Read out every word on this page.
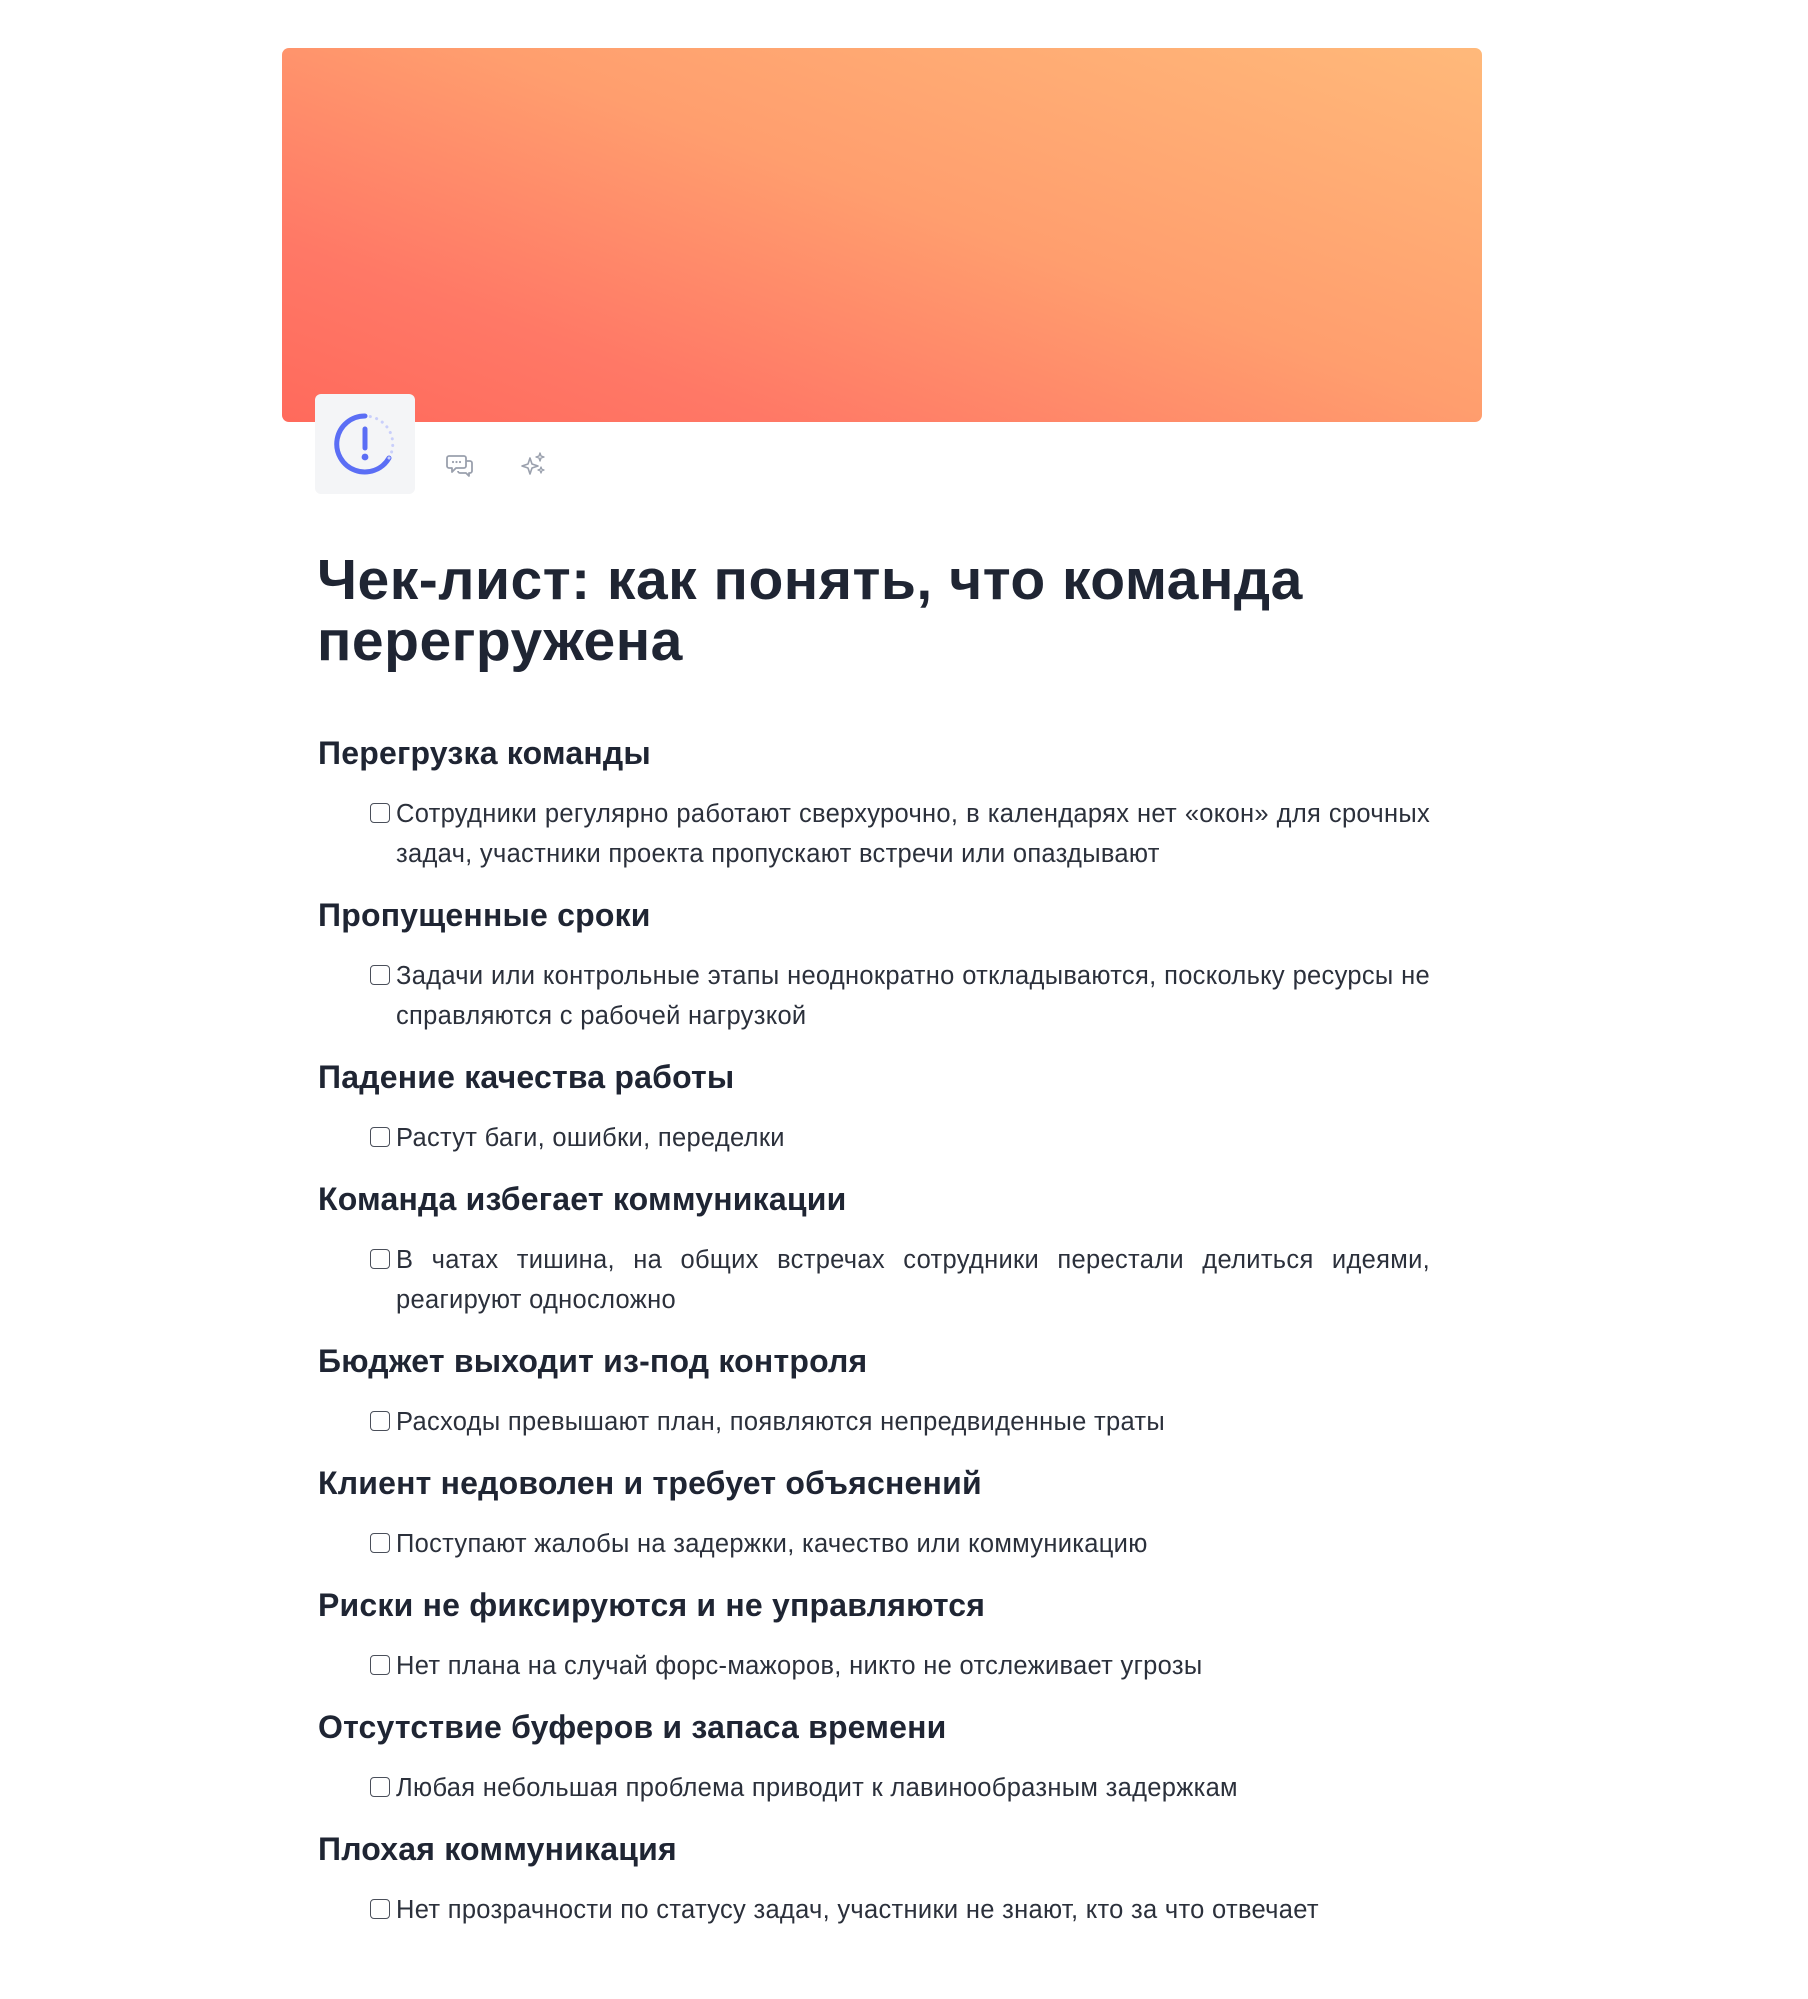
Чек-лист: как понять, что команда перегружена
Перегрузка команды
Сотрудники регулярно работают сверхурочно, в календарях нет «окон» для срочных задач, участники проекта пропускают встречи или опаздывают
Пропущенные сроки
Задачи или контрольные этапы неоднократно откладываются, поскольку ресурсы не справляются с рабочей нагрузкой
Падение качества работы
Растут баги, ошибки, переделки
Команда избегает коммуникации
В чатах тишина, на общих встречах сотрудники перестали делиться идеями, реагируют односложно
Бюджет выходит из-под контроля
Расходы превышают план, появляются непредвиденные траты
Клиент недоволен и требует объяснений
Поступают жалобы на задержки, качество или коммуникацию
Риски не фиксируются и не управляются
Нет плана на случай форс-мажоров, никто не отслеживает угрозы
Отсутствие буферов и запаса времени
Любая небольшая проблема приводит к лавинообразным задержкам
Плохая коммуникация
Нет прозрачности по статусу задач, участники не знают, кто за что отвечает
